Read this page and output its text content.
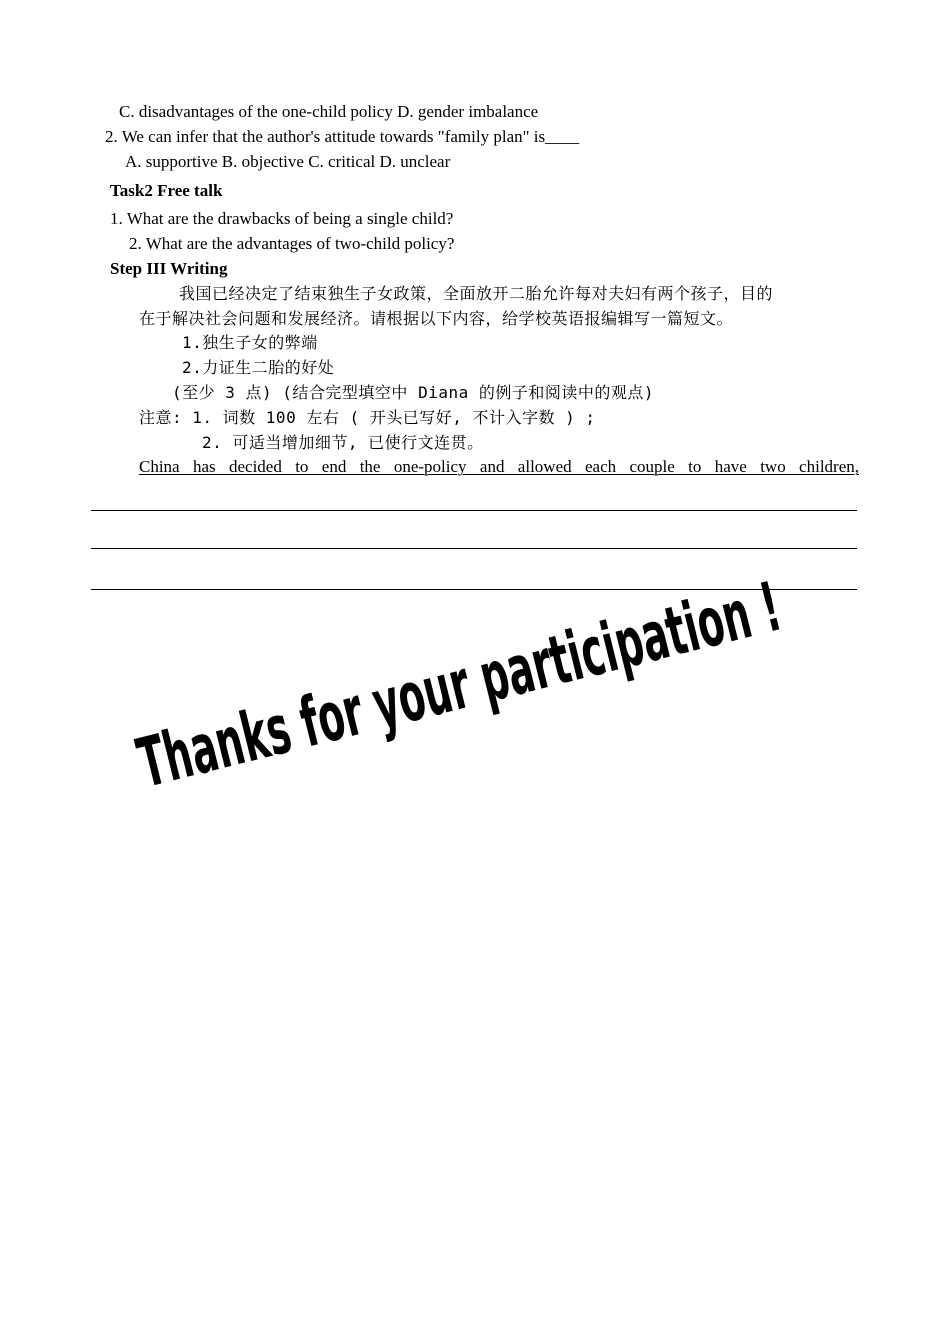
C. disadvantages of the one-child policy D. gender imbalance
2. We can infer that the author's attitude towards "family plan" is____
A. supportive B. objective C. critical D. unclear
Task2 Free talk
1. What are the drawbacks of being a single child?
2. What are the advantages of two-child policy?
Step III Writing
我国已经决定了结束独生子女政策，全面放开二胎允许每对夫妇有两个孩子，目的
在于解决社会问题和发展经济。请根据以下内容，给学校英语报编辑写一篇短文。
1.独生子女的弊端
2.力证生二胎的好处
(至少 3 点) (结合完型填空中 Diana 的例子和阅读中的观点)
注意: 1. 词数 100 左右 ( 开头已写好, 不计入字数 ) ;
2. 可适当增加细节, 已使行文连贯。
China has decided to end the one-policy and allowed each couple to have two children,
Thanks for your participation !
